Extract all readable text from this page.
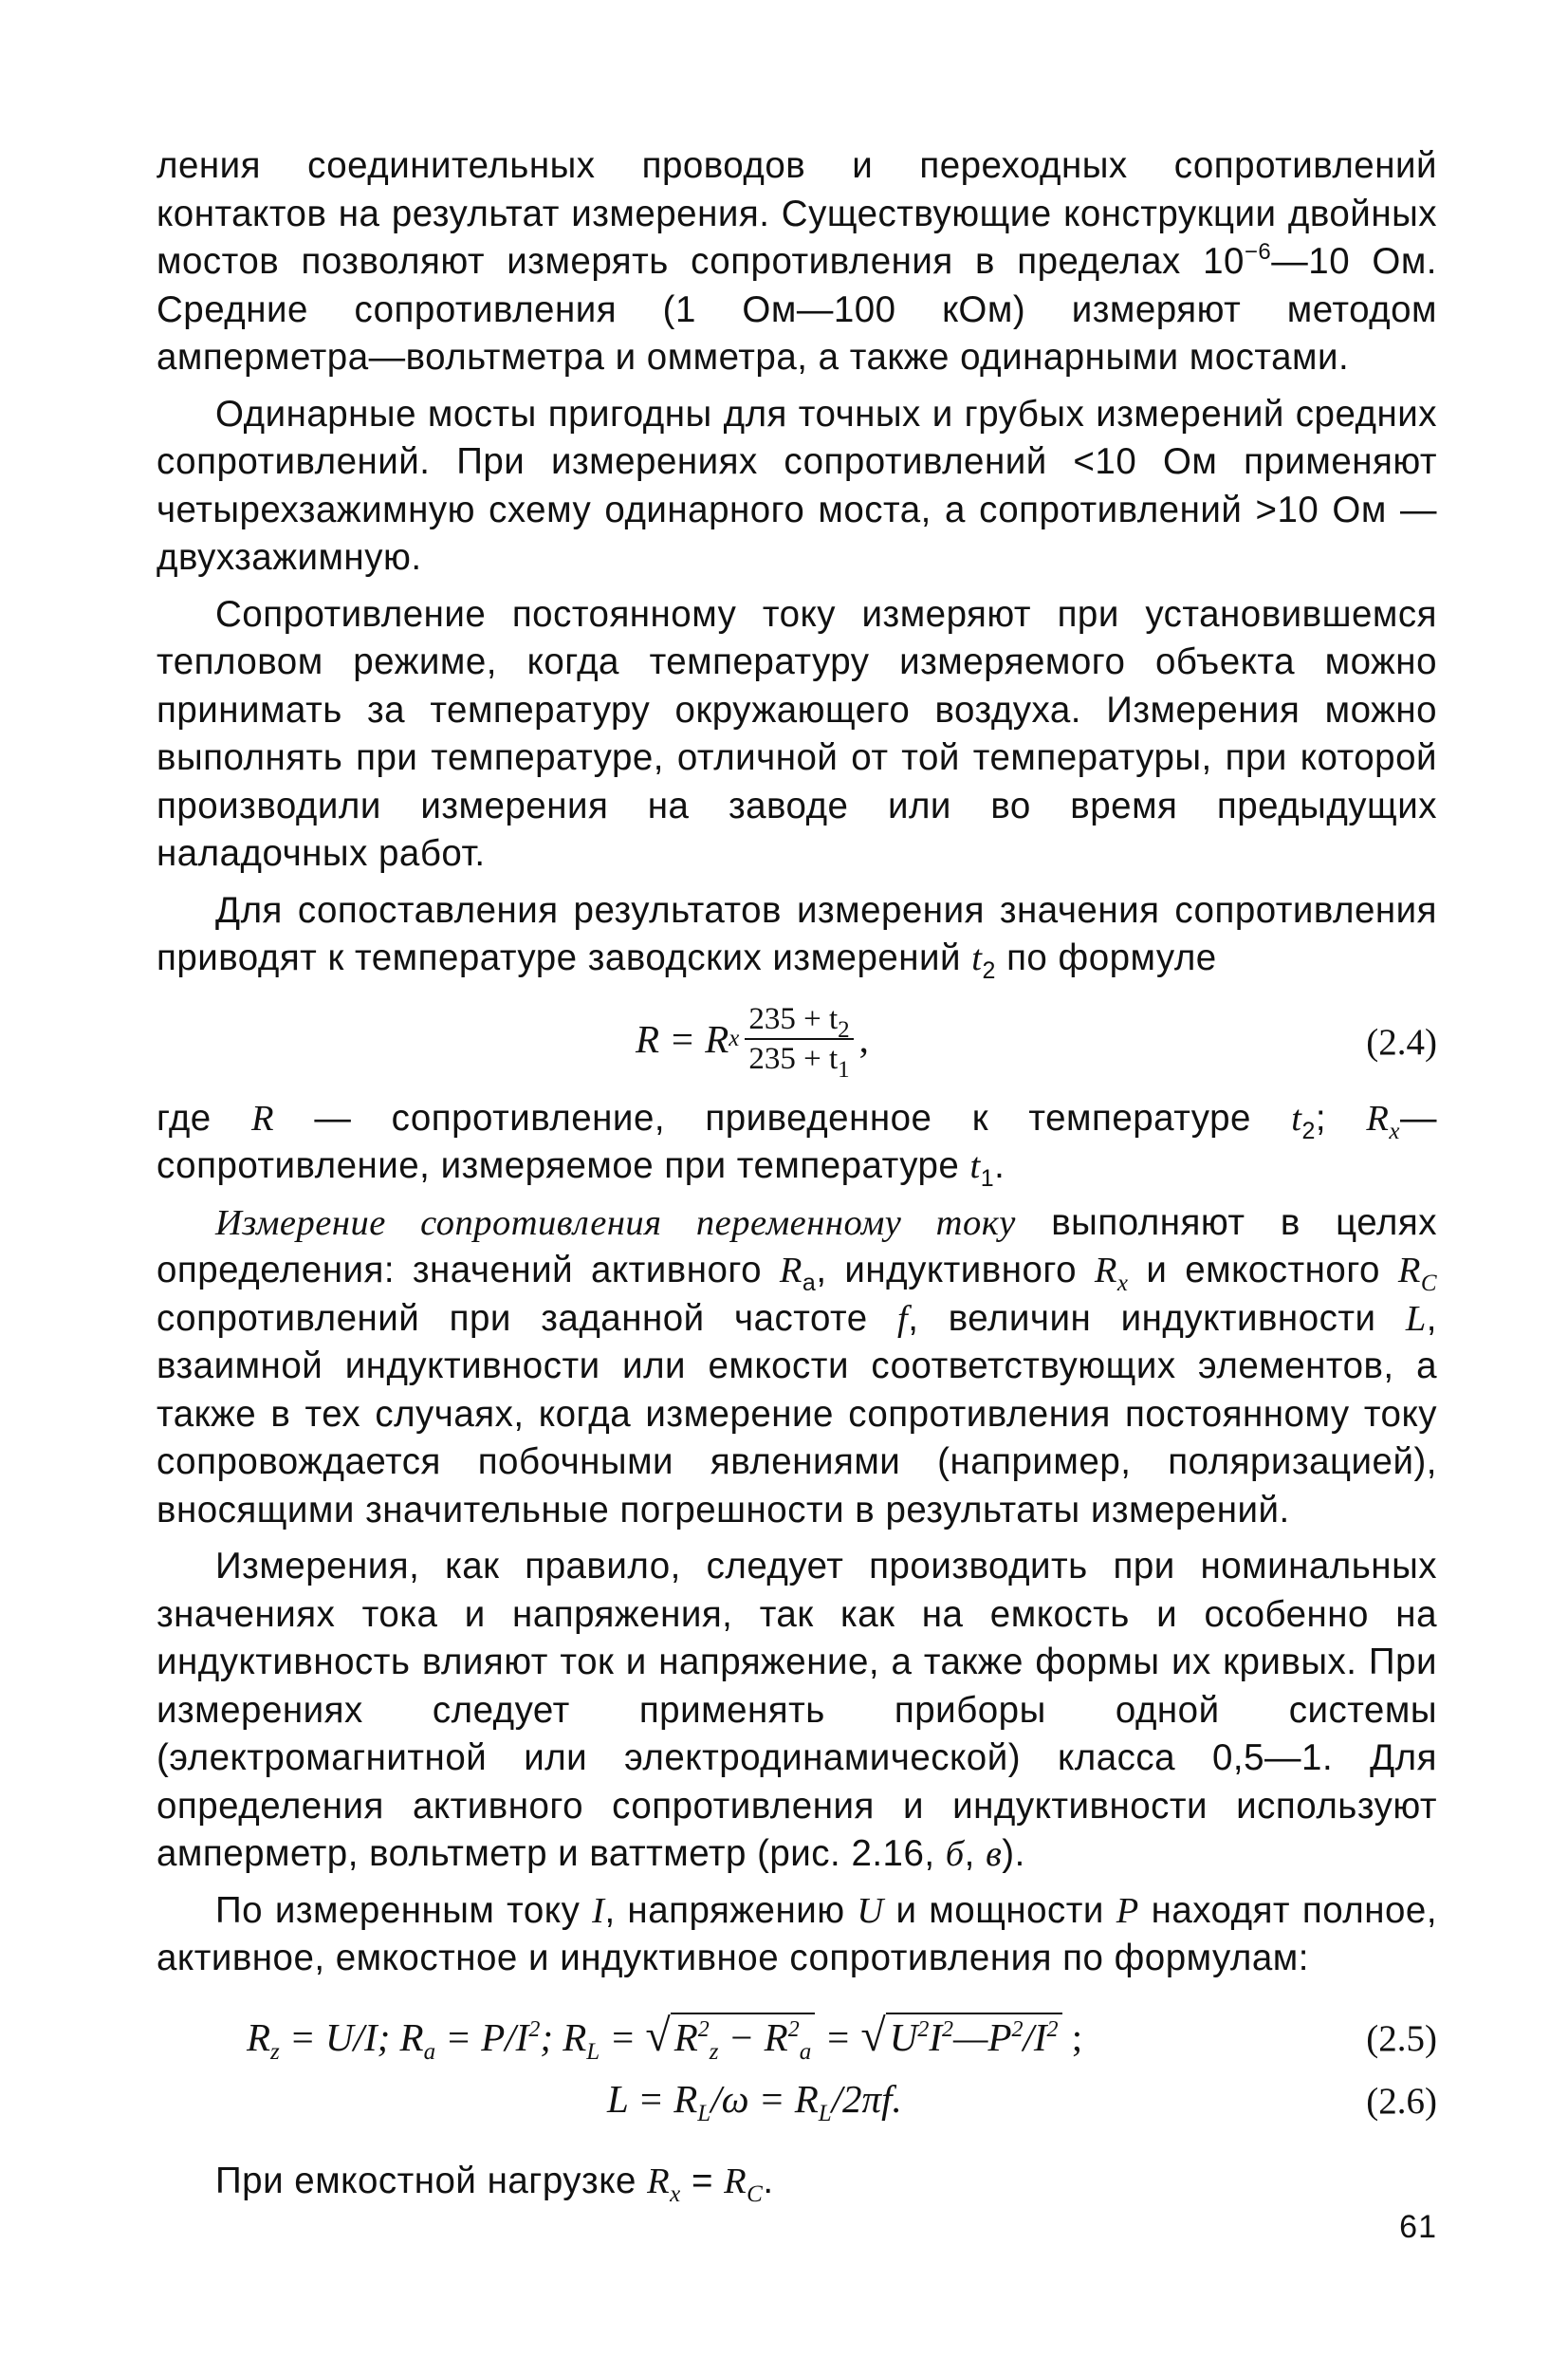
ления соединительных проводов и переходных сопротивлений контактов на результат измерения. Существующие конструкции двойных мостов позволяют измерять сопротивления в пределах $10^{-6}—10$ Ом. Средние сопротивления (1 Ом—100 кОм) измеряют методом амперметра—вольтметра и омметра, а также одинарными мостами.

Одинарные мосты пригодны для точных и грубых измерений средних сопротивлений. При измерениях сопротивлений <10 Ом применяют четырехзажимную схему одинарного моста, а сопротивлений >10 Ом — двухзажимную.

Сопротивление постоянному току измеряют при установившемся тепловом режиме, когда температуру измеряемого объекта можно принимать за температуру окружающего воздуха. Измерения можно выполнять при температуре, отличной от той температуры, при которой производили измерения на заводе или во время предыдущих наладочных работ.

Для сопоставления результатов измерения значения сопротивления приводят к температуре заводских измерений $t_2$ по формуле

R = R x $\frac{235 + t_2}{235 + t_1}$ ,	(2.4)

где R — сопротивление, приведенное к температуре $t_2$; $R_x—$ сопротивление, измеряемое при температуре $t_1$.

Измерение сопротивления переменному току выполняют в целях определения: значений активного $R_a$, индуктивного $R_x$ и емкостного $R_C$ сопротивлений при заданной частоте f, величин индуктивности L, взаимной индуктивности или емкости соответствующих элементов, а также в тех случаях, когда измерение сопротивления постоянному току сопровождается побочными явлениями (например, поляризацией), вносящими значительные погрешности в результаты измерений.

Измерения, как правило, следует производить при номинальных значениях тока и напряжения, так как на емкость и особенно на индуктивность влияют ток и напряжение, а также формы их кривых. При измерениях следует применять приборы одной системы (электромагнитной или электродинамической) класса 0,5—1. Для определения активного сопротивления и индуктивности используют амперметр, вольтметр и ваттметр (рис. 2.16, б, в).

По измеренным току I, напряжению U и мощности P находят полное, активное, емкостное и индуктивное сопротивления по формулам:

$R_z = U/I$; $R_a = P/I^2$; $R_L = √R^2_z - R^2_a$ = $√U^2I^2—P^2/I^2$ ;	(2.5)
$L = R_L/\omega = R_L/2\pi f$.	(2.6)

При емкостной нагрузке $R_x = R_C$.

61
